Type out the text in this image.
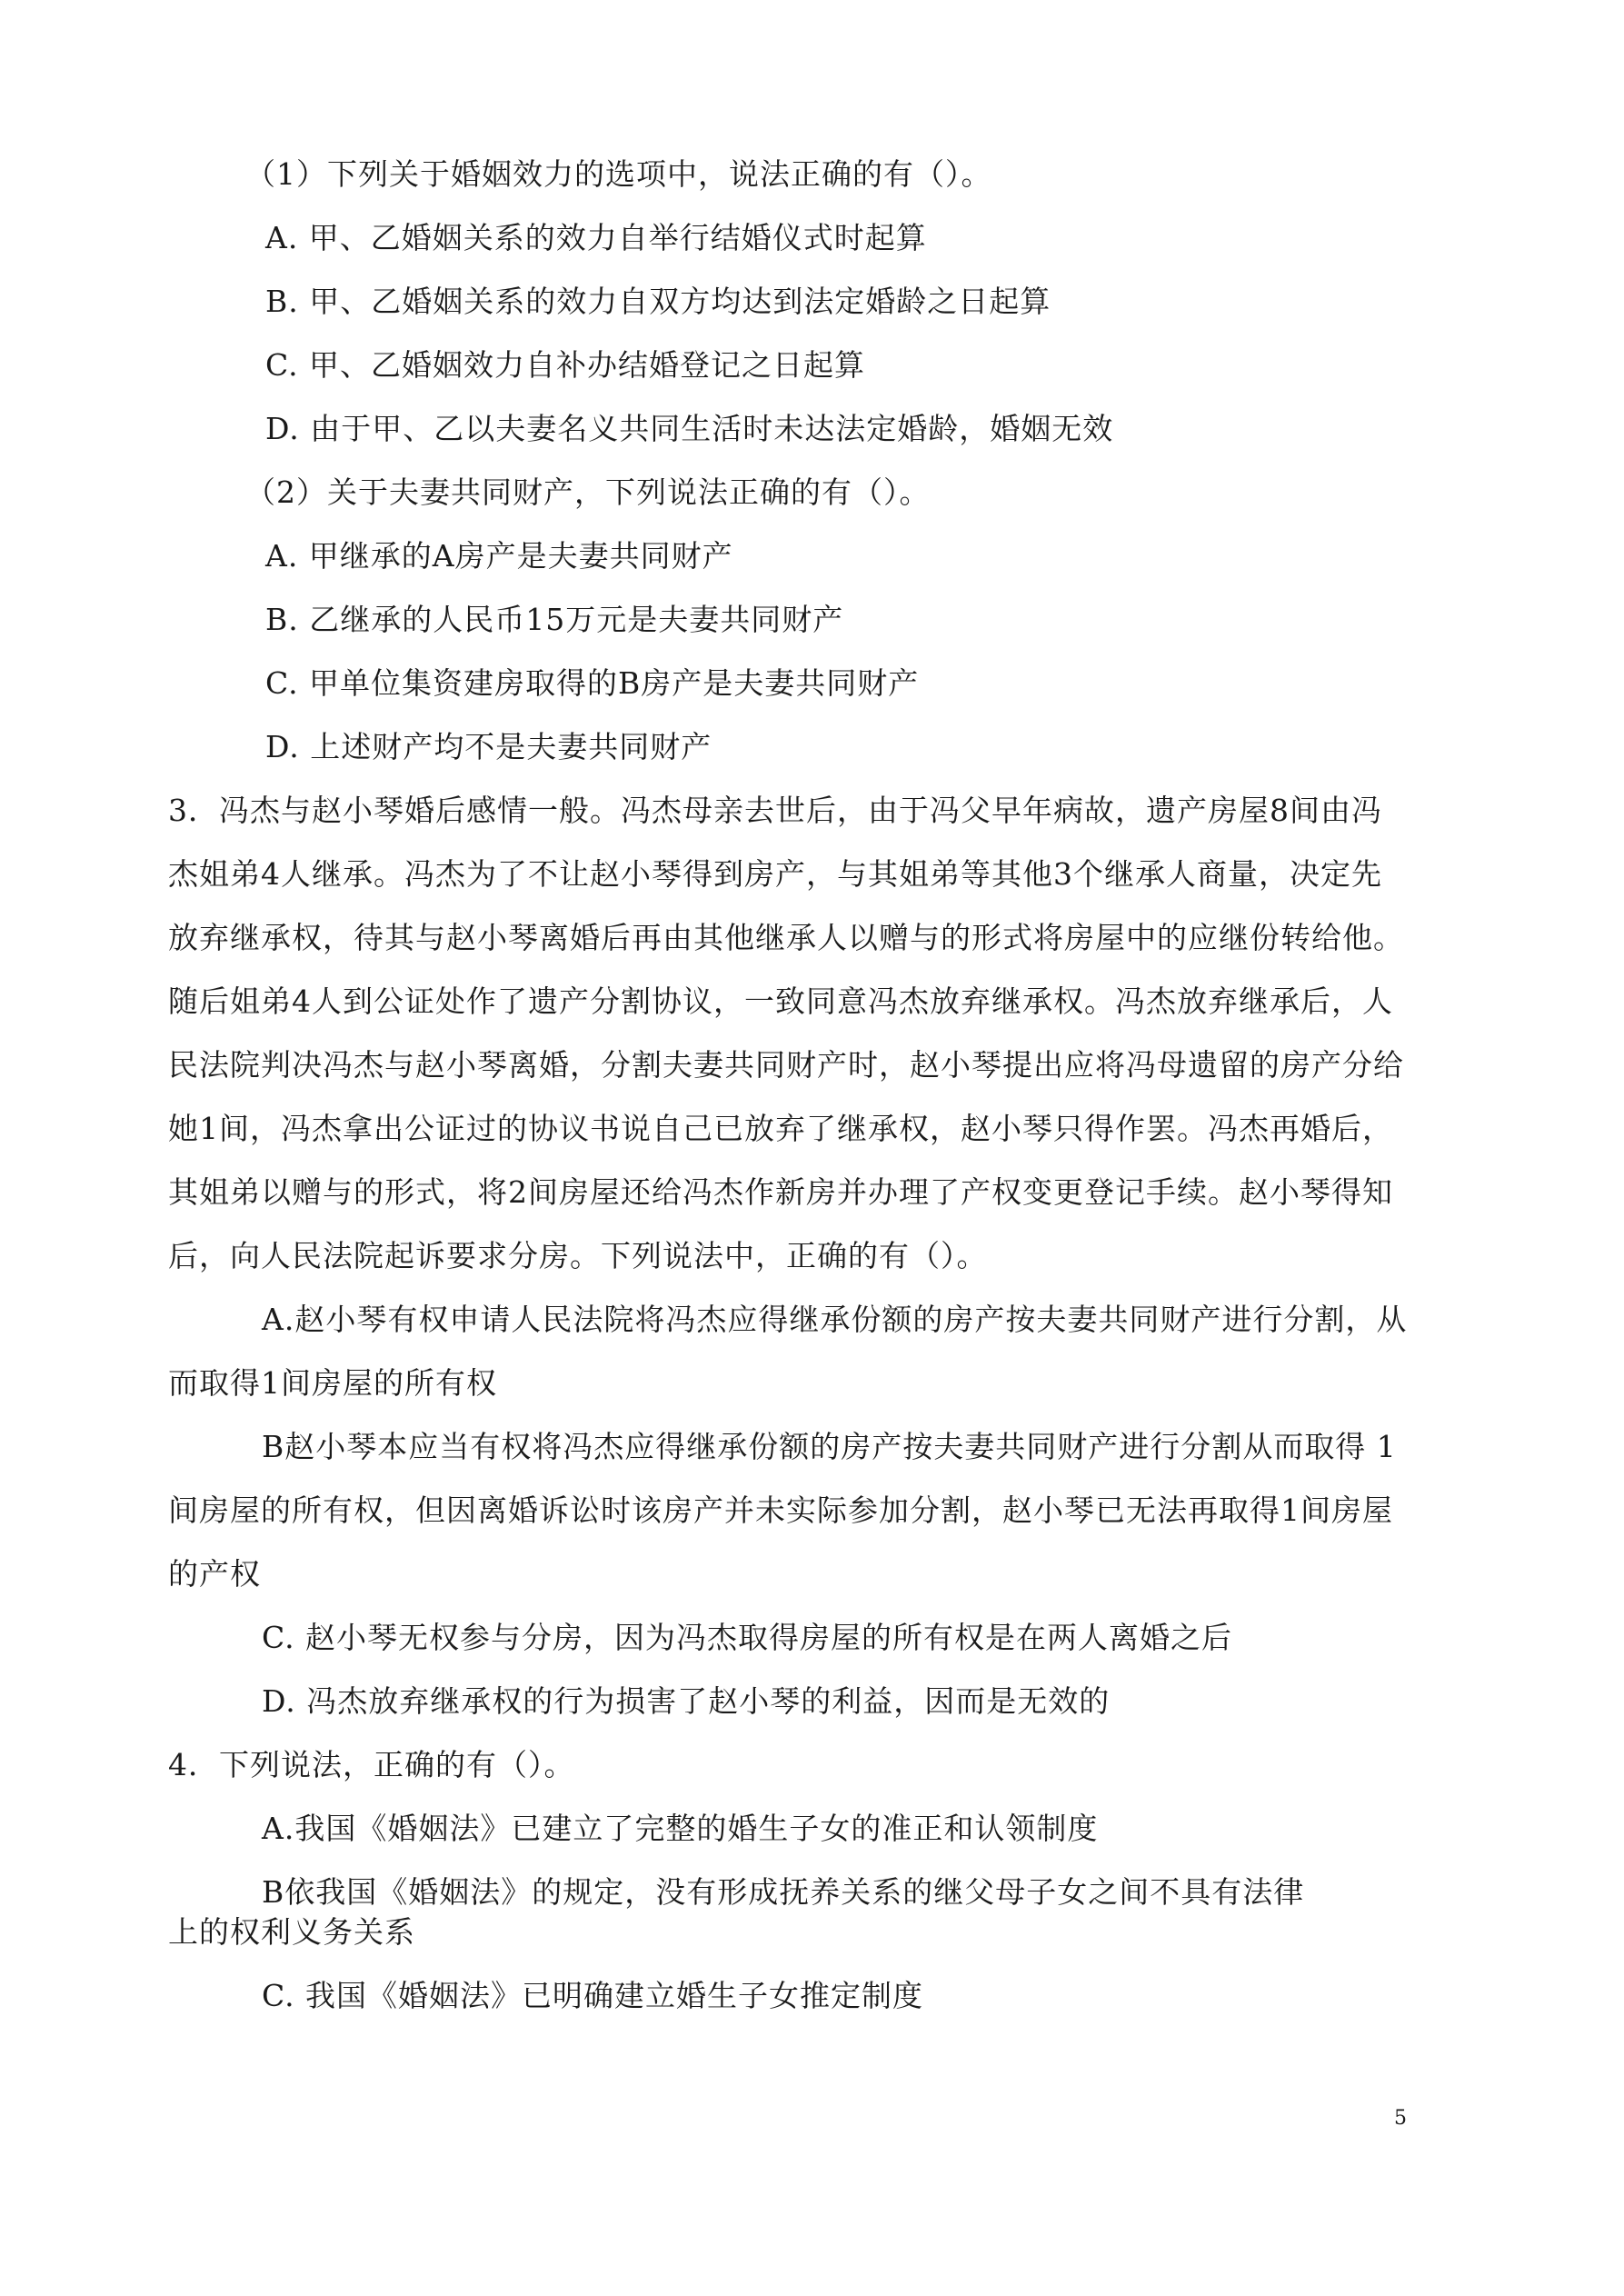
（1）下列关于婚姻效力的选项中，说法正确的有（）。
A. 甲、乙婚姻关系的效力自举行结婚仪式时起算
B. 甲、乙婚姻关系的效力自双方均达到法定婚龄之日起算
C. 甲、乙婚姻效力自补办结婚登记之日起算
D. 由于甲、乙以夫妻名义共同生活时未达法定婚龄，婚姻无效
（2）关于夫妻共同财产，下列说法正确的有（）。
A. 甲继承的A房产是夫妻共同财产
B. 乙继承的人民币15万元是夫妻共同财产
C. 甲单位集资建房取得的B房产是夫妻共同财产
D. 上述财产均不是夫妻共同财产
3．冯杰与赵小琴婚后感情一般。冯杰母亲去世后，由于冯父早年病故，遗产房屋8间由冯
杰姐弟4人继承。冯杰为了不让赵小琴得到房产，与其姐弟等其他3个继承人商量，决定先
放弃继承权，待其与赵小琴离婚后再由其他继承人以赠与的形式将房屋中的应继份转给他。
随后姐弟4人到公证处作了遗产分割协议，一致同意冯杰放弃继承权。冯杰放弃继承后，人
民法院判决冯杰与赵小琴离婚，分割夫妻共同财产时，赵小琴提出应将冯母遗留的房产分给
她1间，冯杰拿出公证过的协议书说自己已放弃了继承权，赵小琴只得作罢。冯杰再婚后，
其姐弟以赠与的形式，将2间房屋还给冯杰作新房并办理了产权变更登记手续。赵小琴得知
后，向人民法院起诉要求分房。下列说法中，正确的有（）。
A.赵小琴有权申请人民法院将冯杰应得继承份额的房产按夫妻共同财产进行分割，从
而取得1间房屋的所有权
B赵小琴本应当有权将冯杰应得继承份额的房产按夫妻共同财产进行分割从而取得 1
间房屋的所有权，但因离婚诉讼时该房产并未实际参加分割，赵小琴已无法再取得1间房屋
的产权
C. 赵小琴无权参与分房，因为冯杰取得房屋的所有权是在两人离婚之后
D. 冯杰放弃继承权的行为损害了赵小琴的利益，因而是无效的
4．下列说法，正确的有（）。
A.我国《婚姻法》已建立了完整的婚生子女的准正和认领制度
B依我国《婚姻法》的规定，没有形成抚养关系的继父母子女之间不具有法律
上的权利义务关系
C. 我国《婚姻法》已明确建立婚生子女推定制度
5
